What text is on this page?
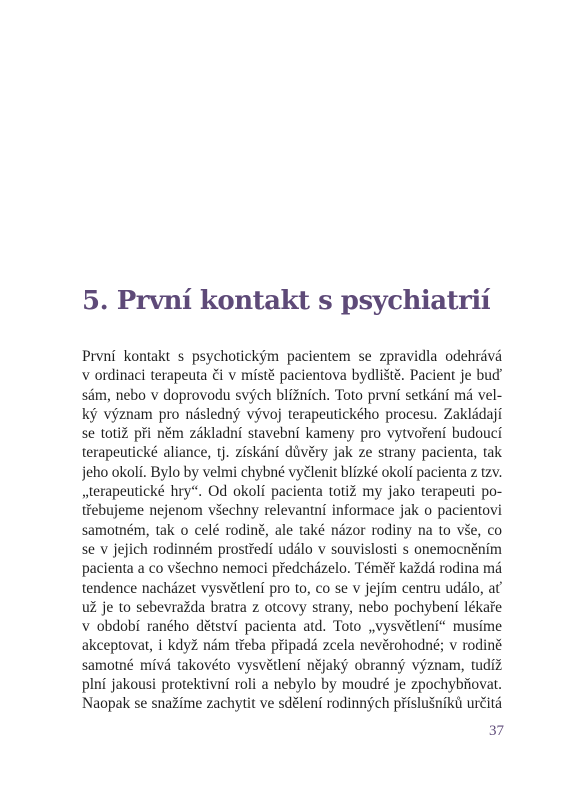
5. První kontakt s psychiatrií
První kontakt s psychotickým pacientem se zpravidla odehrává
v ordinaci terapeuta či v místě pacientova bydliště. Pacient je buď
sám, nebo v doprovodu svých blížních. Toto první setkání má vel-
ký význam pro následný vývoj terapeutického procesu. Zakládají
se totiž při něm základní stavební kameny pro vytvoření budoucí
terapeutické aliance, tj. získání důvěry jak ze strany pacienta, tak
jeho okolí. Bylo by velmi chybné vyčlenit blízké okolí pacienta z tzv.
„terapeutické hry“. Od okolí pacienta totiž my jako terapeuti po-
třebujeme nejenom všechny relevantní informace jak o pacientovi
samotném, tak o celé rodině, ale také názor rodiny na to vše, co
se v jejich rodinném prostředí událo v souvislosti s onemocněním
pacienta a co všechno nemoci předcházelo. Téměř každá rodina má
tendence nacházet vysvětlení pro to, co se v jejím centru událo, ať
už je to sebevražda bratra z otcovy strany, nebo pochybení lékaře
v období raného dětství pacienta atd. Toto „vysvětlení“ musíme
akceptovat, i když nám třeba připadá zcela nevěrohodné; v rodině
samotné mívá takovéto vysvětlení nějaký obranný význam, tudíž
plní jakousi protektivní roli a nebylo by moudré je zpochybňovat.
Naopak se snažíme zachytit ve sdělení rodinných příslušníků určitá
37
